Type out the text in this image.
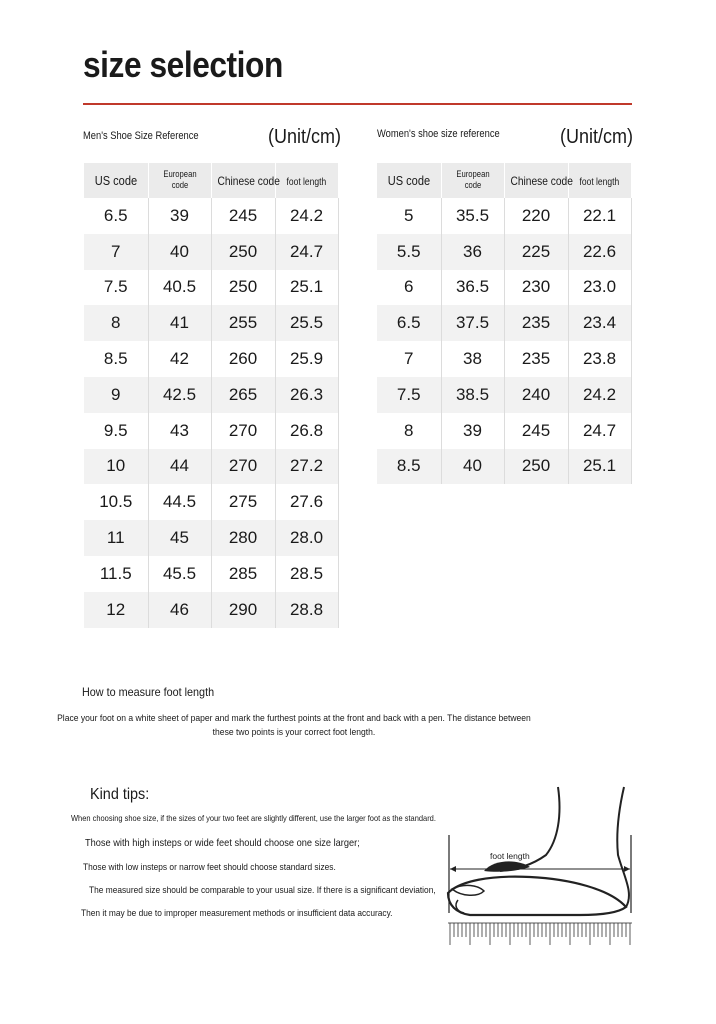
size selection
Men's Shoe Size Reference	(Unit/cm)
US code	European code	Chinese code	foot length
6.5	39	245	24.2
7	40	250	24.7
7.5	40.5	250	25.1
8	41	255	25.5
8.5	42	260	25.9
9	42.5	265	26.3
9.5	43	270	26.8
10	44	270	27.2
10.5	44.5	275	27.6
11	45	280	28.0
11.5	45.5	285	28.5
12	46	290	28.8
Women's shoe size reference	(Unit/cm)
US code	European code	Chinese code	foot length
5	35.5	220	22.1
5.5	36	225	22.6
6	36.5	230	23.0
6.5	37.5	235	23.4
7	38	235	23.8
7.5	38.5	240	24.2
8	39	245	24.7
8.5	40	250	25.1
How to measure foot length
Place your foot on a white sheet of paper and mark the furthest points at the front and back with a pen. The distance between these two points is your correct foot length.
Kind tips:
When choosing shoe size, if the sizes of your two feet are slightly different, use the larger foot as the standard.
Those with high insteps or wide feet should choose one size larger;
Those with low insteps or narrow feet should choose standard sizes.
The measured size should be comparable to your usual size. If there is a significant deviation,
Then it may be due to improper measurement methods or insufficient data accuracy.
foot length
